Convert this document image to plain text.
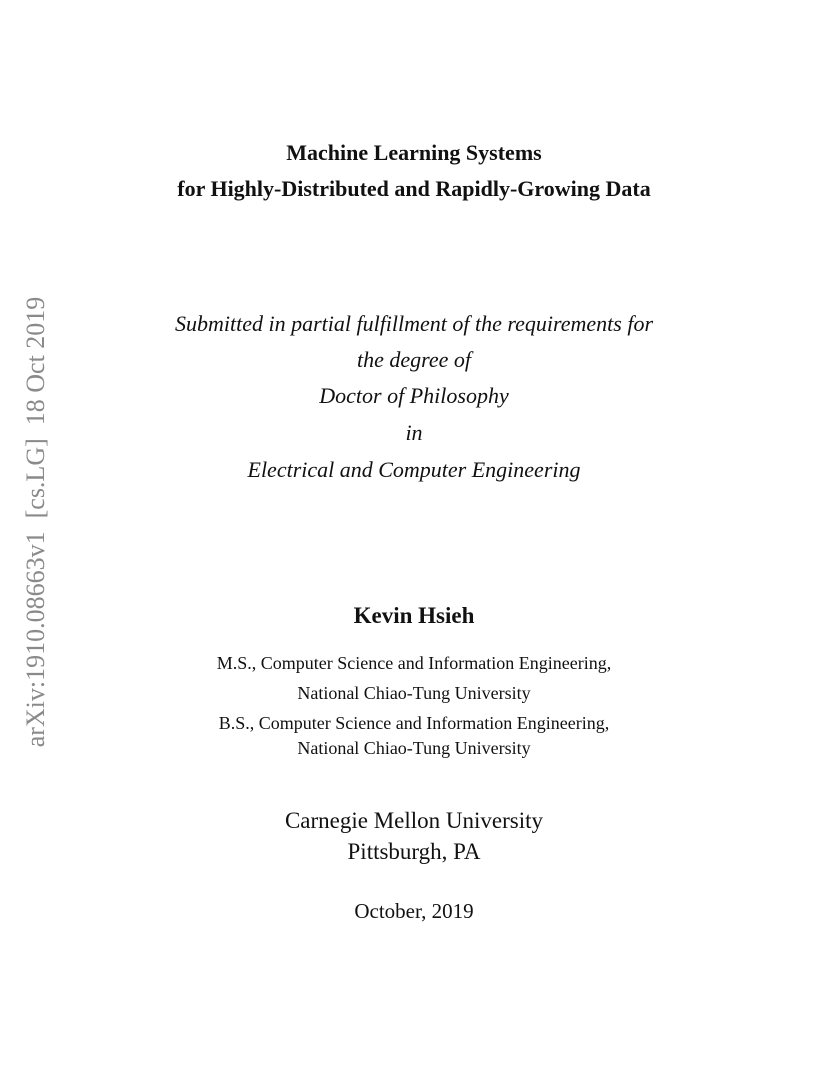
arXiv:1910.08663v1  [cs.LG]  18 Oct 2019
Machine Learning Systems
for Highly-Distributed and Rapidly-Growing Data
Submitted in partial fulfillment of the requirements for
the degree of
Doctor of Philosophy
in
Electrical and Computer Engineering
Kevin Hsieh
M.S., Computer Science and Information Engineering,
National Chiao-Tung University
B.S., Computer Science and Information Engineering,
National Chiao-Tung University
Carnegie Mellon University
Pittsburgh, PA
October, 2019
